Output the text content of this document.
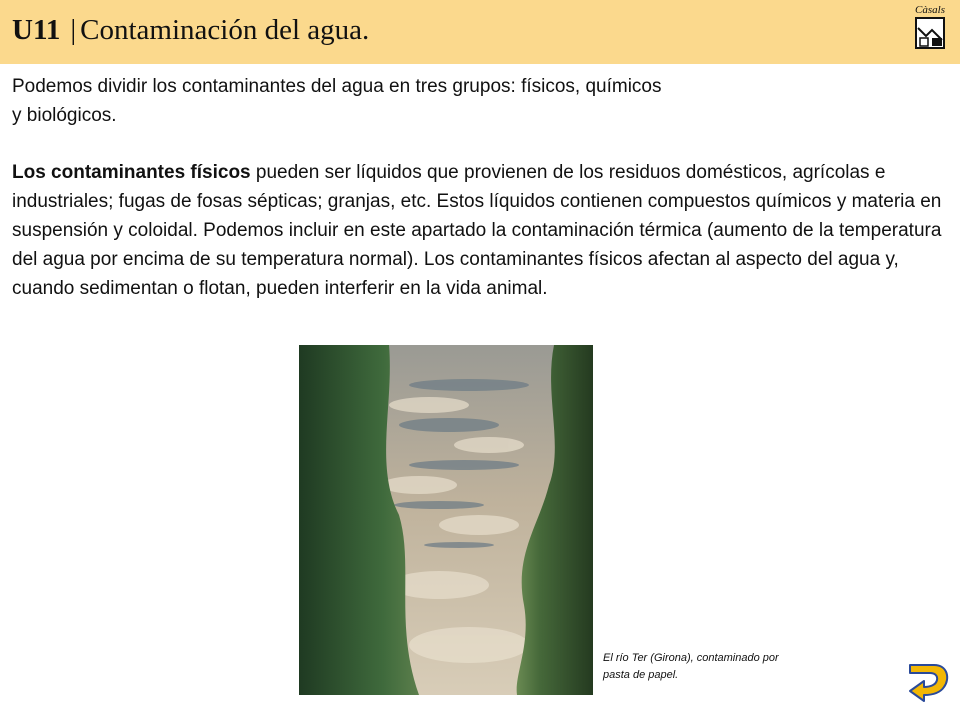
U11 | Contaminación del agua.
Càsals
Podemos dividir los contaminantes del agua en tres grupos: físicos, químicos
y biológicos.
Los contaminantes físicos pueden ser líquidos que provienen de los residuos domésticos, agrícolas e industriales; fugas de fosas sépticas; granjas, etc. Estos líquidos contienen compuestos químicos y materia en suspensión y coloidal. Podemos incluir en este apartado la contaminación térmica (aumento de la temperatura del agua por encima de su temperatura normal). Los contaminantes físicos afectan al aspecto del agua y, cuando sedimentan o flotan, pueden interferir en la vida animal.
El río Ter (Girona), contaminado por
pasta de papel.
